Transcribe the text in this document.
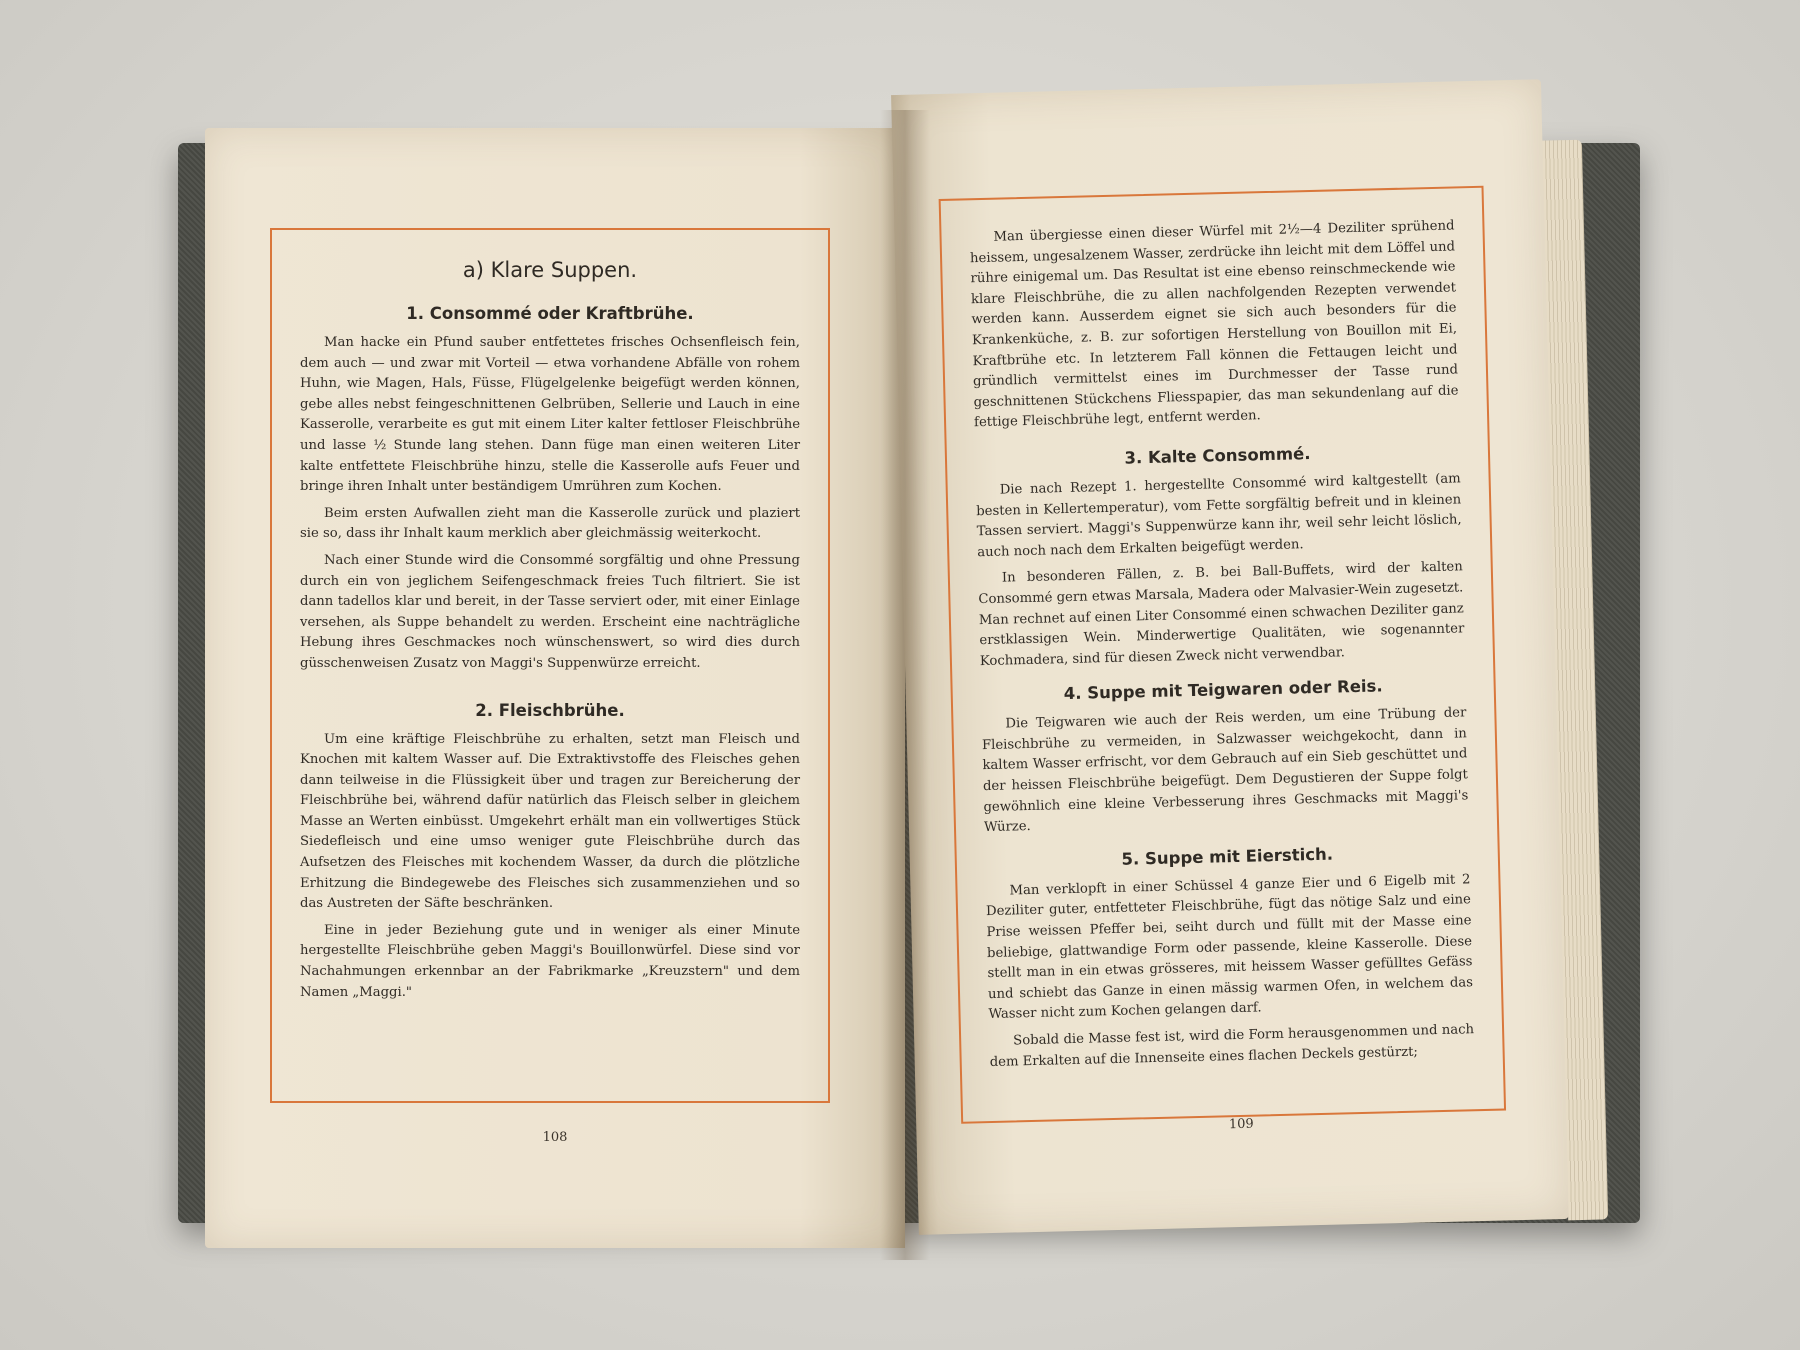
a) Klare Suppen.
1. Consommé oder Kraftbrühe.

Man hacke ein Pfund sauber entfettetes frisches Ochsenfleisch fein, dem auch — und zwar mit Vorteil — etwa vorhandene Abfälle von rohem Huhn, wie Magen, Hals, Füsse, Flügelgelenke beigefügt werden können, gebe alles nebst feingeschnittenen Gelbrüben, Sellerie und Lauch in eine Kasserolle, verarbeite es gut mit einem Liter kalter fettloser Fleischbrühe und lasse ½ Stunde lang stehen. Dann füge man einen weiteren Liter kalte entfettete Fleischbrühe hinzu, stelle die Kasserolle aufs Feuer und bringe ihren Inhalt unter beständigem Umrühren zum Kochen.

Beim ersten Aufwallen zieht man die Kasserolle zurück und plaziert sie so, dass ihr Inhalt kaum merklich aber gleichmässig weiterkocht.

Nach einer Stunde wird die Consommé sorgfältig und ohne Pressung durch ein von jeglichem Seifengeschmack freies Tuch filtriert. Sie ist dann tadellos klar und bereit, in der Tasse serviert oder, mit einer Einlage versehen, als Suppe behandelt zu werden. Erscheint eine nachträgliche Hebung ihres Geschmackes noch wünschenswert, so wird dies durch güsschenweisen Zusatz von Maggi's Suppenwürze erreicht.

2. Fleischbrühe.

Um eine kräftige Fleischbrühe zu erhalten, setzt man Fleisch und Knochen mit kaltem Wasser auf. Die Extraktivstoffe des Fleisches gehen dann teilweise in die Flüssigkeit über und tragen zur Bereicherung der Fleischbrühe bei, während dafür natürlich das Fleisch selber in gleichem Masse an Werten einbüsst. Umgekehrt erhält man ein vollwertiges Stück Siedefleisch und eine umso weniger gute Fleischbrühe durch das Aufsetzen des Fleisches mit kochendem Wasser, da durch die plötzliche Erhitzung die Bindegewebe des Fleisches sich zusammenziehen und so das Austreten der Säfte beschränken.

Eine in jeder Beziehung gute und in weniger als einer Minute hergestellte Fleischbrühe geben Maggi's Bouillonwürfel. Diese sind vor Nachahmungen erkennbar an der Fabrikmarke „Kreuzstern" und dem Namen „Maggi."

108

Man übergiesse einen dieser Würfel mit 2½—4 Deziliter sprühend heissem, ungesalzenem Wasser, zerdrücke ihn leicht mit dem Löffel und rühre einigemal um. Das Resultat ist eine ebenso reinschmeckende wie klare Fleischbrühe, die zu allen nachfolgenden Rezepten verwendet werden kann. Ausserdem eignet sie sich auch besonders für die Krankenküche, z. B. zur sofortigen Herstellung von Bouillon mit Ei, Kraftbrühe etc. In letzterem Fall können die Fettaugen leicht und gründlich vermittelst eines im Durchmesser der Tasse rund geschnittenen Stückchens Fliesspapier, das man sekundenlang auf die fettige Fleischbrühe legt, entfernt werden.

3. Kalte Consommé.

Die nach Rezept 1. hergestellte Consommé wird kaltgestellt (am besten in Kellertemperatur), vom Fette sorgfältig befreit und in kleinen Tassen serviert. Maggi's Suppenwürze kann ihr, weil sehr leicht löslich, auch noch nach dem Erkalten beigefügt werden.

In besonderen Fällen, z. B. bei Ball-Buffets, wird der kalten Consommé gern etwas Marsala, Madera oder Malvasier-Wein zugesetzt. Man rechnet auf einen Liter Consommé einen schwachen Deziliter ganz erstklassigen Wein. Minderwertige Qualitäten, wie sogenannter Kochmadera, sind für diesen Zweck nicht verwendbar.

4. Suppe mit Teigwaren oder Reis.

Die Teigwaren wie auch der Reis werden, um eine Trübung der Fleischbrühe zu vermeiden, in Salzwasser weichgekocht, dann in kaltem Wasser erfrischt, vor dem Gebrauch auf ein Sieb geschüttet und der heissen Fleischbrühe beigefügt. Dem Degustieren der Suppe folgt gewöhnlich eine kleine Verbesserung ihres Geschmacks mit Maggi's Würze.

5. Suppe mit Eierstich.

Man verklopft in einer Schüssel 4 ganze Eier und 6 Eigelb mit 2 Deziliter guter, entfetteter Fleischbrühe, fügt das nötige Salz und eine Prise weissen Pfeffer bei, seiht durch und füllt mit der Masse eine beliebige, glattwandige Form oder passende, kleine Kasserolle. Diese stellt man in ein etwas grösseres, mit heissem Wasser gefülltes Gefäss und schiebt das Ganze in einen mässig warmen Ofen, in welchem das Wasser nicht zum Kochen gelangen darf.

Sobald die Masse fest ist, wird die Form herausgenommen und nach dem Erkalten auf die Innenseite eines flachen Deckels gestürzt;

109
